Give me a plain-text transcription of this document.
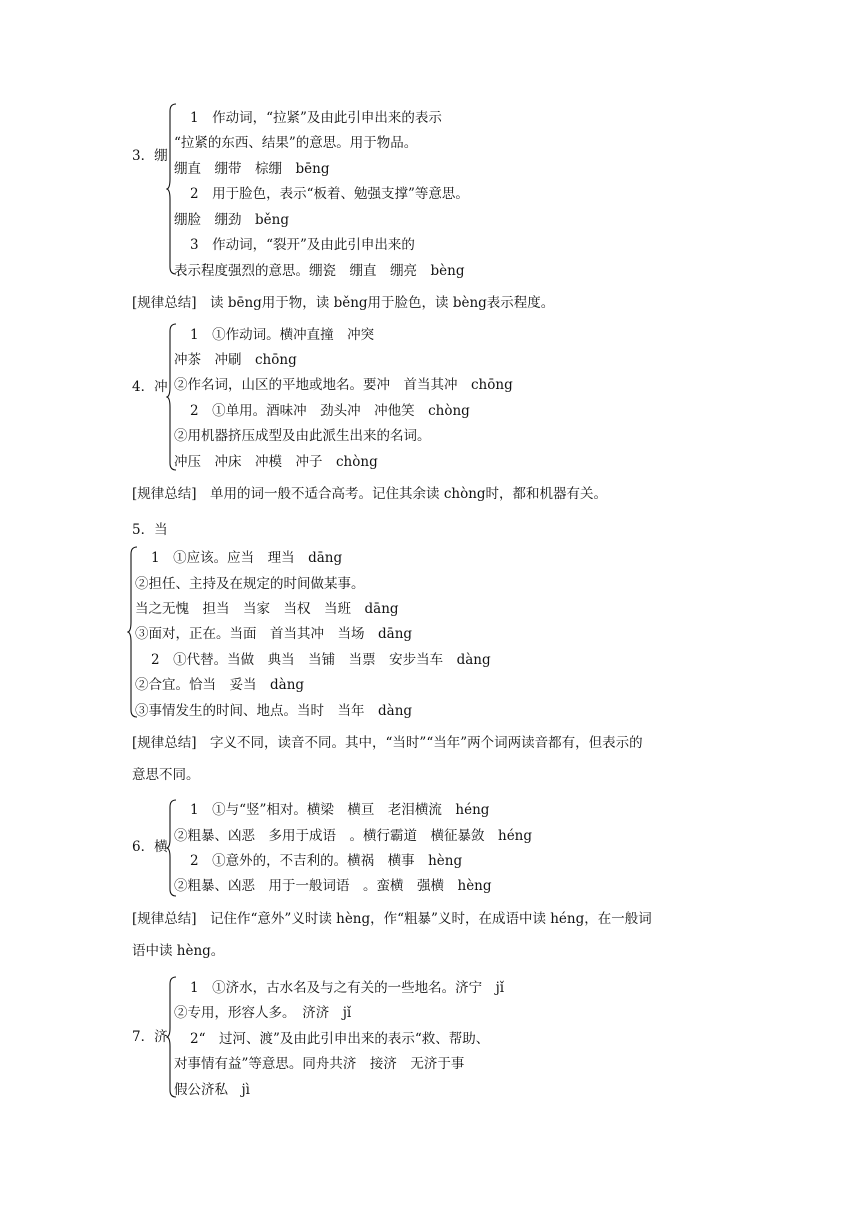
3．绷
1　作动词，“拉紧”及由此引申出来的表示
“拉紧的东西、结果”的意思。用于物品。
绷直　绷带　棕绷　bēng
2　用于脸色，表示“板着、勉强支撑”等意思。
绷脸　绷劲　běng
3　作动词，“裂开”及由此引申出来的
表示程度强烈的意思。绷瓷　绷直　绷亮　bèng
[规律总结]　读 bēng用于物，读 běng用于脸色，读 bèng表示程度。
4．冲
1　①作动词。横冲直撞　冲突
冲茶　冲刷　chōng
②作名词，山区的平地或地名。要冲　首当其冲　chōng
2　①单用。酒味冲　劲头冲　冲他笑　chòng
②用机器挤压成型及由此派生出来的名词。
冲压　冲床　冲模　冲子　chòng
[规律总结]　单用的词一般不适合高考。记住其余读 chòng时，都和机器有关。
5．当
1　①应该。应当　理当　dāng
②担任、主持及在规定的时间做某事。
当之无愧　担当　当家　当权　当班　dāng
③面对，正在。当面　首当其冲　当场　dāng
2　①代替。当做　典当　当铺　当票　安步当车　dàng
②合宜。恰当　妥当　dàng
③事情发生的时间、地点。当时　当年　dàng
[规律总结]　字义不同，读音不同。其中，“当时”“当年”两个词两读音都有，但表示的
意思不同。
6．横
1　①与“竖”相对。横梁　横亘　老泪横流　héng
②粗暴、凶恶　多用于成语　。横行霸道　横征暴敛　héng
2　①意外的，不吉利的。横祸　横事　hèng
②粗暴、凶恶　用于一般词语　。蛮横　强横　hèng
[规律总结]　记住作“意外”义时读 hèng，作“粗暴”义时，在成语中读 héng，在一般词
语中读 hèng。
7．济
1　①济水，古水名及与之有关的一些地名。济宁　jǐ
②专用，形容人多。　济济　jǐ
2“　过河、渡”及由此引申出来的表示“救、帮助、
对事情有益”等意思。同舟共济　接济　无济于事
假公济私　jì
